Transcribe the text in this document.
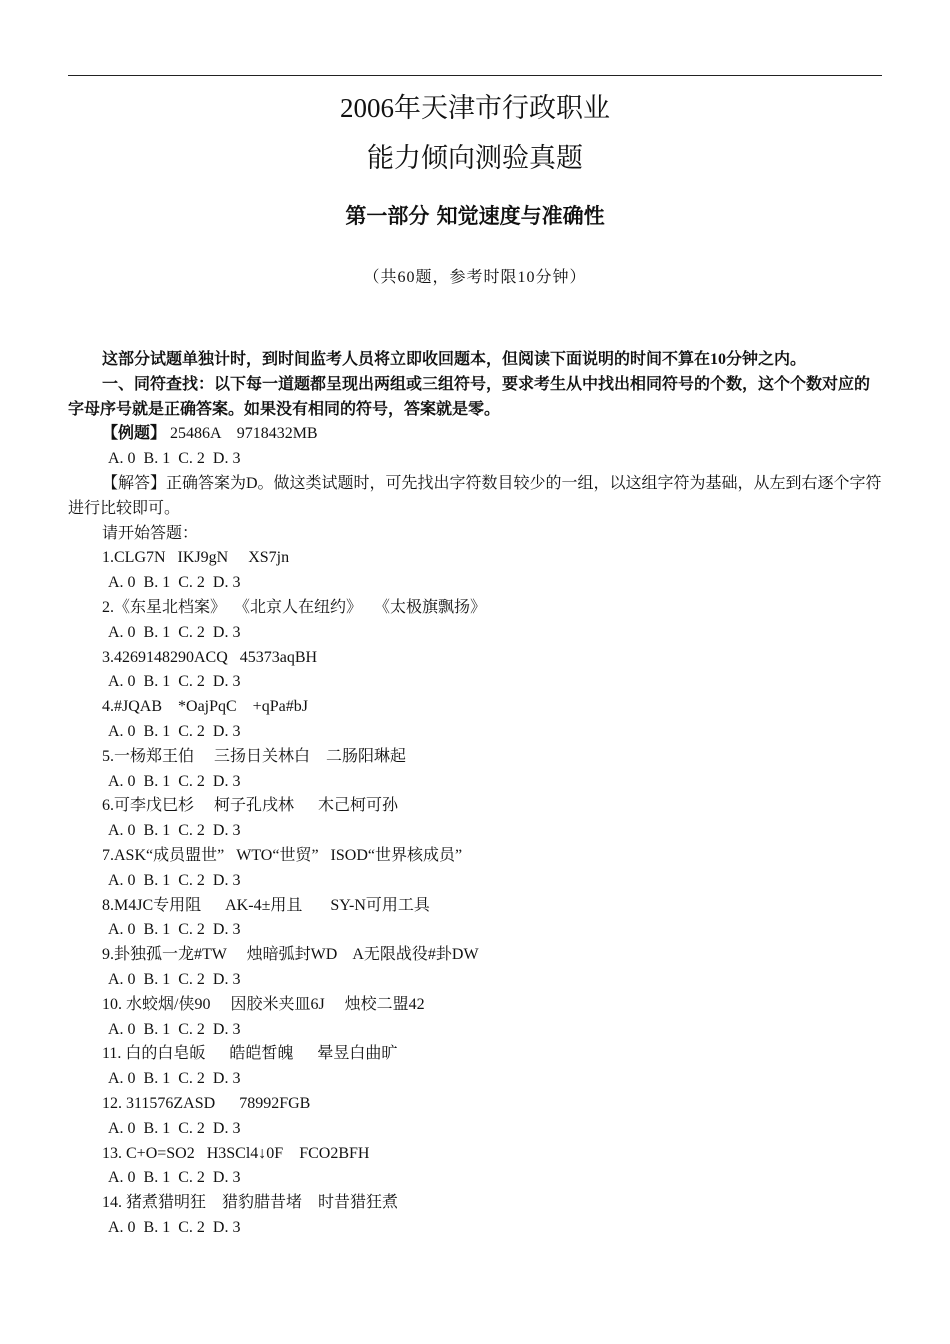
2006年天津市行政职业
能力倾向测验真题
第一部分 知觉速度与准确性
（共60题，参考时限10分钟）

这部分试题单独计时，到时间监考人员将立即收回题本，但阅读下面说明的时间不算在10分钟之内。

一、同符查找：以下每一道题都呈现出两组或三组符号，要求考生从中找出相同符号的个数，这个个数对应的字母序号就是正确答案。如果没有相同的符号，答案就是零。

【例题】 25486A    9718432MB

A. 0  B. 1  C. 2  D. 3

【解答】正确答案为D。做这类试题时，可先找出字符数目较少的一组，以这组字符为基础，从左到右逐个字符进行比较即可。

请开始答题：

1.CLG7N   IKJ9gN     XS7jn

A. 0  B. 1  C. 2  D. 3

2.《东星北档案》  《北京人在纽约》   《太极旗飘扬》

A. 0  B. 1  C. 2  D. 3

3.4269148290ACQ   45373aqBH

A. 0  B. 1  C. 2  D. 3

4.#JQAB    *OajPqC    +qPa#bJ

A. 0  B. 1  C. 2  D. 3

5.一杨郑王伯     三扬日关林白    二肠阳琳起

A. 0  B. 1  C. 2  D. 3

6.可李戊巳杉     柯子孔戌林      木己柯可孙

A. 0  B. 1  C. 2  D. 3

7.ASK“成员盟世”   WTO“世贸”   ISOD“世界核成员”

A. 0  B. 1  C. 2  D. 3

8.M4JC专用阻      AK-4±用且       SY-N可用工具

A. 0  B. 1  C. 2  D. 3

9.卦独孤一龙#TW     烛暗弧封WD    A无限战役#卦DW

A. 0  B. 1  C. 2  D. 3

10. 水蛟烟/侠90     因胶米夹皿6J     烛校二盟42

A. 0  B. 1  C. 2  D. 3

11. 白的白皂皈      皓皑皙魄      晕昱白曲旷

A. 0  B. 1  C. 2  D. 3

12. 311576ZASD      78992FGB

A. 0  B. 1  C. 2  D. 3

13. C+O=SO2   H3SCl4↓0F    FCO2BFH

A. 0  B. 1  C. 2  D. 3

14. 猪煮猎明狂    猎豹腊昔堵    时昔猎狂煮

A. 0  B. 1  C. 2  D. 3
